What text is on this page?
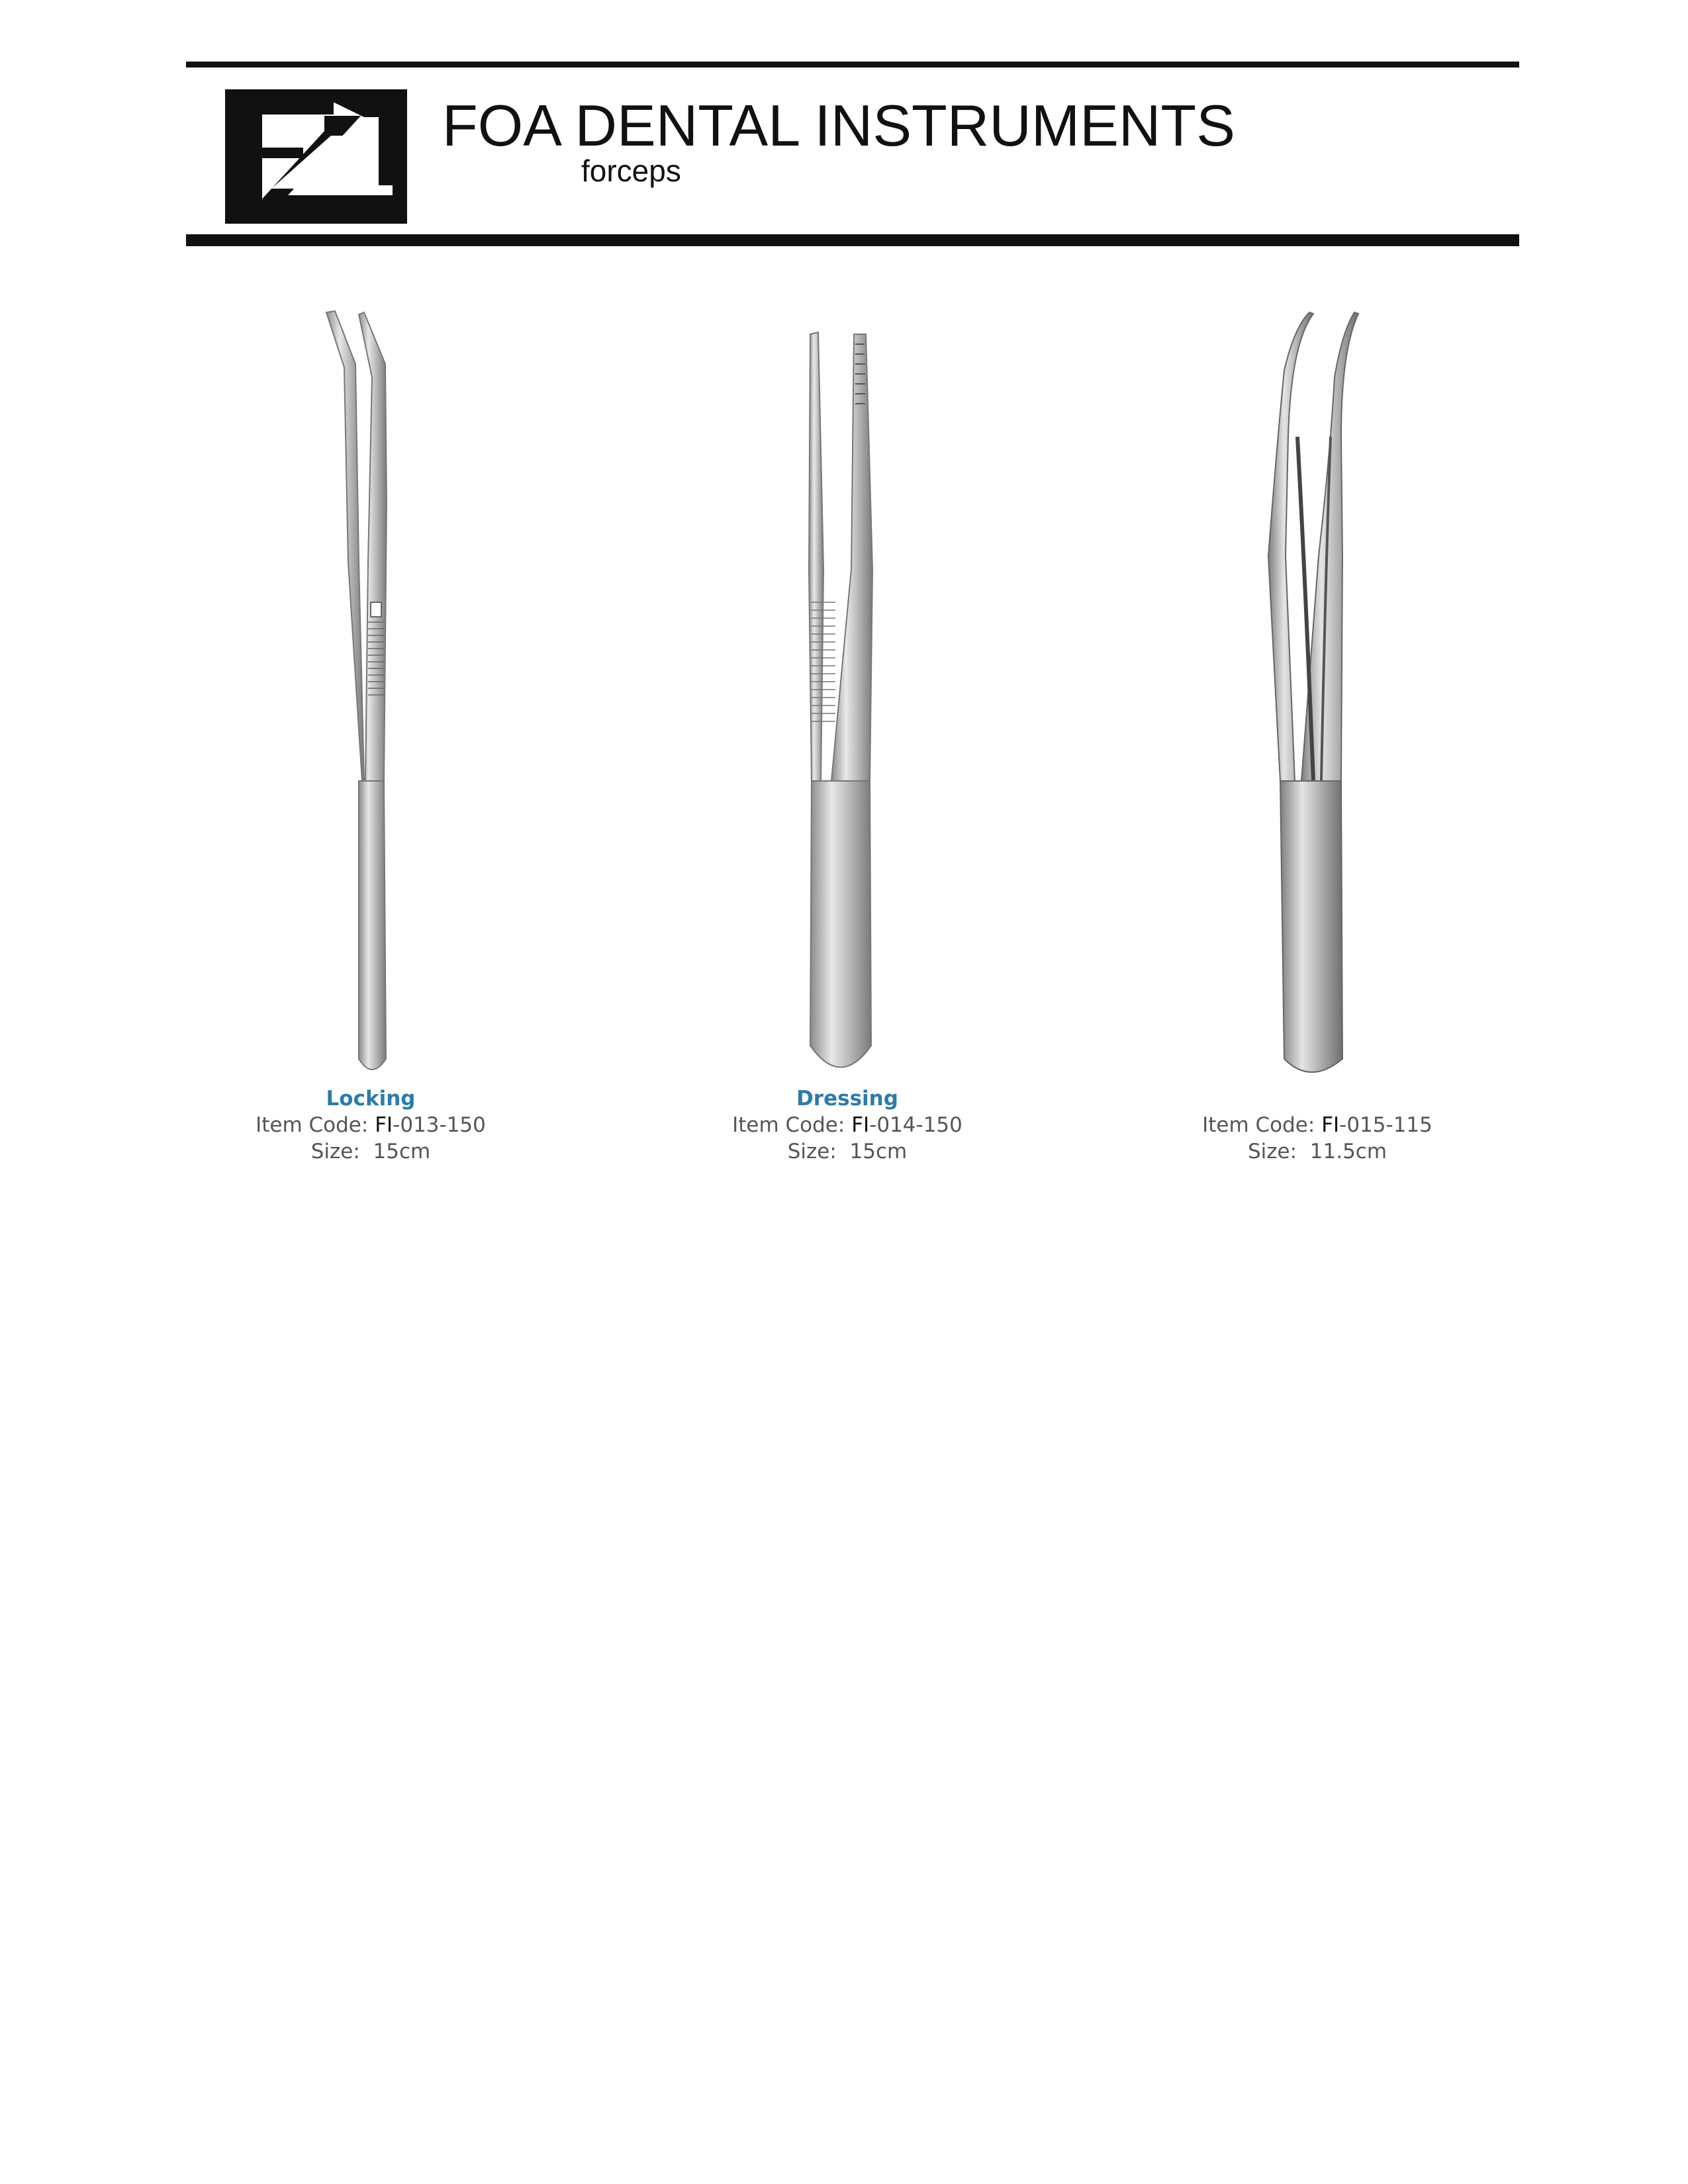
FOA DENTAL INSTRUMENTS
forceps
Locking
Item Code: FI-013-150
Size: 15cm
Dressing
Item Code: FI-014-150
Size: 15cm
Item Code: FI-015-115
Size: 11.5cm
